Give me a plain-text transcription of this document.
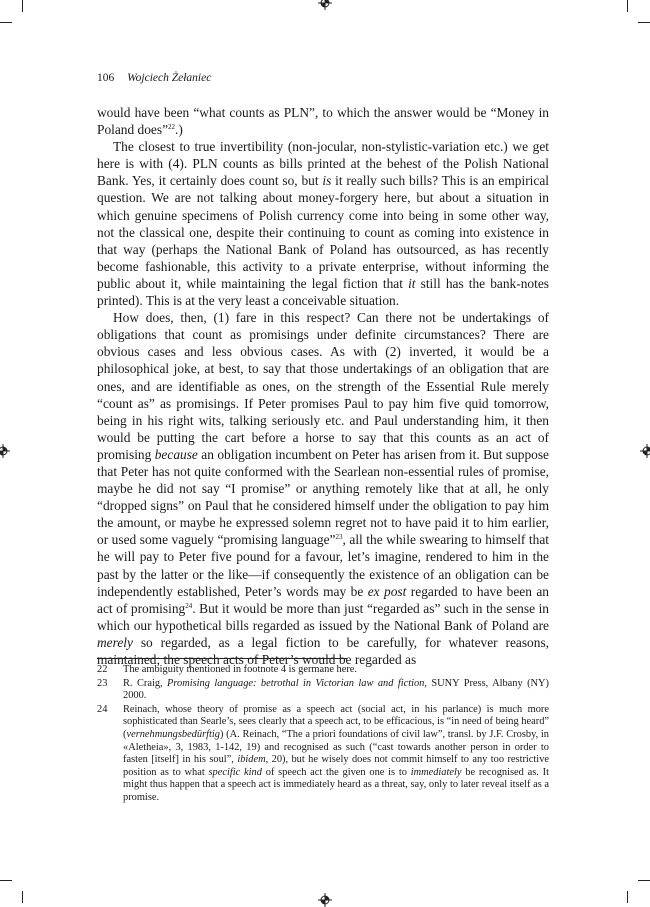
106 Wojciech Żełaniec

would have been “what counts as PLN”, to which the answer would be “Money in Poland does”$^{22}$.)

The closest to true invertibility (non-jocular, non-stylistic-variation etc.) we get here is with (4). PLN counts as bills printed at the behest of the Polish National Bank. Yes, it certainly does count so, but is it really such bills? This is an empirical question. We are not talking about money-forgery here, but about a situation in which genuine specimens of Polish currency come into being in some other way, not the classical one, despite their continuing to count as coming into existence in that way (perhaps the National Bank of Poland has outsourced, as has recently become fashionable, this activity to a private enterprise, without informing the public about it, while maintaining the legal fiction that it still has the bank-notes printed). This is at the very least a conceivable situation.

How does, then, (1) fare in this respect? Can there not be undertakings of obligations that count as promisings under definite circumstances? There are obvious cases and less obvious cases. As with (2) inverted, it would be a philosophical joke, at best, to say that those undertakings of an obligation that are ones, and are identifiable as ones, on the strength of the Essential Rule merely “count as” as promisings. If Peter promises Paul to pay him five quid tomorrow, being in his right wits, talking seriously etc. and Paul understanding him, it then would be putting the cart before a horse to say that this counts as an act of promising because an obligation incumbent on Peter has arisen from it. But suppose that Peter has not quite conformed with the Searlean non-essential rules of promise, maybe he did not say “I promise” or anything remotely like that at all, he only “dropped signs” on Paul that he considered himself under the obligation to pay him the amount, or maybe he expressed solemn regret not to have paid it to him earlier, or used some vaguely “promising language”$^{23}$, all the while swearing to himself that he will pay to Peter five pound for a favour, let’s imagine, rendered to him in the past by the latter or the like—if consequently the existence of an obligation can be independently established, Peter’s words may be ex post regarded to have been an act of promising$^{24}$. But it would be more than just “regarded as” such in the sense in which our hypothetical bills regarded as issued by the National Bank of Poland are merely so regarded, as a legal fiction to be carefully, for whatever reasons, maintained; the speech acts of Peter’s would be regarded as

22	The ambiguity mentioned in footnote 4 is germane here.
23	R. Craig, Promising language: betrothal in Victorian law and fiction, SUNY Press, Albany (NY) 2000.
24	Reinach, whose theory of promise as a speech act (social act, in his parlance) is much more sophisticated than Searle’s, sees clearly that a speech act, to be efficacious, is “in need of being heard” (vernehmungsbedürftig) (A. Reinach, “The a priori foundations of civil law”, transl. by J.F. Crosby, in «Aletheia», 3, 1983, 1-142, 19) and recognised as such (“cast towards another person in order to fasten [itself] in his soul”, ibidem, 20), but he wisely does not commit himself to any too restrictive position as to what specific kind of speech act the given one is to immediately be recognised as. It might thus happen that a speech act is immediately heard as a threat, say, only to later reveal itself as a promise.
